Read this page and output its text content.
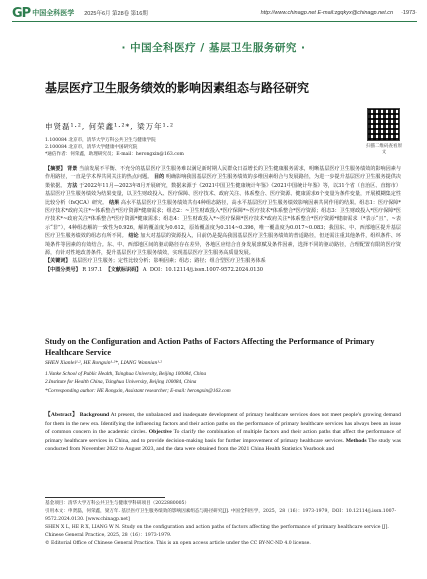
GP 中国全科医学 2025年6月 第28卷 第16期	http://www.chinagp.net E-mail:zgqkyx@chinagp.net.cn ·1973·
· 中国全科医疗 / 基层卫生服务研究 ·
基层医疗卫生服务绩效的影响因素组态与路径研究
申贤磊¹·², 何荣鑫¹·²*, 梁万年¹·²
扫描二维码查看原文
1.100084 北京市，清华大学万科公共卫生与健康学院
2.100084 北京市，清华大学健康中国研究院
*通信作者：何荣鑫，助理研究员；E-mail：herongxin@163.com
【摘要】 背景 当前发展不平衡、不充分的基层医疗卫生服务难以满足新时期人民群众日益增长的卫生健康服务需求，明晰基层医疗卫生服务绩效的影响因素与作用路径，一直是学术界共同关注的热点问题。 目的 明确影响我国基层医疗卫生服务绩效的多维因素组合与发展路径，为进一步提升基层医疗卫生服务提供决策依据。 方法 于2022年11月—2023年8月开展研究，数据来源于《2021中国卫生健康统计年鉴》《2021中国统计年鉴》等，以31个省（自治区、直辖市）基层医疗卫生服务绩效为结果变量，以卫生财政投入、医疗保障、医疗技术、政府关注、体系整合、医疗资源、健康需求6个变量为条件变量，开展模糊集定性比较分析（fsQCA）研究。 结果 高水平基层医疗卫生服务绩效共有4种组态路径，高水平基层医疗卫生服务绩效影响因素共同作用的结果。组态1：医疗保障*医疗技术*政府关注*~体系整合*医疗资源*健康需求；组态2：~卫生财政投入*医疗保障*~医疗技术*体系整合*医疗资源；组态3：卫生财政投入*医疗保障*医疗技术*~政府关注*体系整合*医疗资源*健康需求；组态4：卫生财政投入*~医疗保障*医疗技术*政府关注*体系整合*医疗资源*健康需求（*表示“且”，~表示“非”），4种组态解的一致性为0.926，解的覆盖度为0.612，原始覆盖度为0.314~0.396，唯一覆盖度为0.017~0.083；我国东、中、西部地区提升基层医疗卫生服务绩效的组态有所不同。 结论 加大对基层的资源投入，目前仍是提高我国基层医疗卫生服务绩效的普适路径，但还需注重其他条件，组织条件、环境条件等因素的有效结合。东、中、西部地区间的驱动路径存在差异，各地区应结合自身发展禀赋及条件因素，选择不同的驱动路径，合理配置有限的医疗资源，有针对性地改善条件，提升基层医疗卫生服务绩效，实现基层医疗卫生服务高质量发展。
【关键词】 基层医疗卫生服务；定性比较分析；影响因素；组态；路径；组合型医疗卫生服务体系
【中图分类号】 R 197.1 【文献标识码】 A DOI：10.12114/j.issn.1007-9572.2024.0130
Study on the Configuration and Action Paths of Factors Affecting the Performance of Primary Healthcare Service
SHEN Xianlei¹·², HE Rongxin¹·²*, LIANG Wannian¹·²
1.Vanke School of Public Health, Tsinghua University, Beijing 100084, China
2.Institute for Health China, Tsinghua University, Beijing 100084, China
*Corresponding author: HE Rongxin, Assistant researcher; E-mail: herongxin@163.com
【Abstract】 Background At present, the unbalanced and inadequate development of primary healthcare services does not meet people's growing demand for them in the new era. Identifying the influencing factors and their action paths on the performance of primary healthcare services has always been an issue of common concern in the academic circles. Objective To clarify the combination of multiple factors and their action paths that affect the performance of primary healthcare services in China, and to provide decision-making basis for further improvement of primary healthcare services. Methods The study was conducted from November 2022 to August 2023, and the data were obtained from the 2021 China Health Statistics Yearbook and
基金项目：清华大学万科公共卫生与健康学科研项目（2022880005）
引用本文：申贤磊，何荣鑫，梁万年. 基层医疗卫生服务绩效的影响因素组态与路径研究[J]. 中国全科医学，2025，28（16）：1973-1979，DOI：10.12114/j.issn.1007-9572.2024.0130. [www.chinagp.net]
SHEN X L, HE R X, LIANG W N. Study on the configuration and action paths of factors affecting the performance of primary healthcare service [J]. Chinese General Practice, 2025, 28（16）：1973-1979.
© Editorial Office of Chinese General Practice. This is an open access article under the CC BY-NC-ND 4.0 license.
